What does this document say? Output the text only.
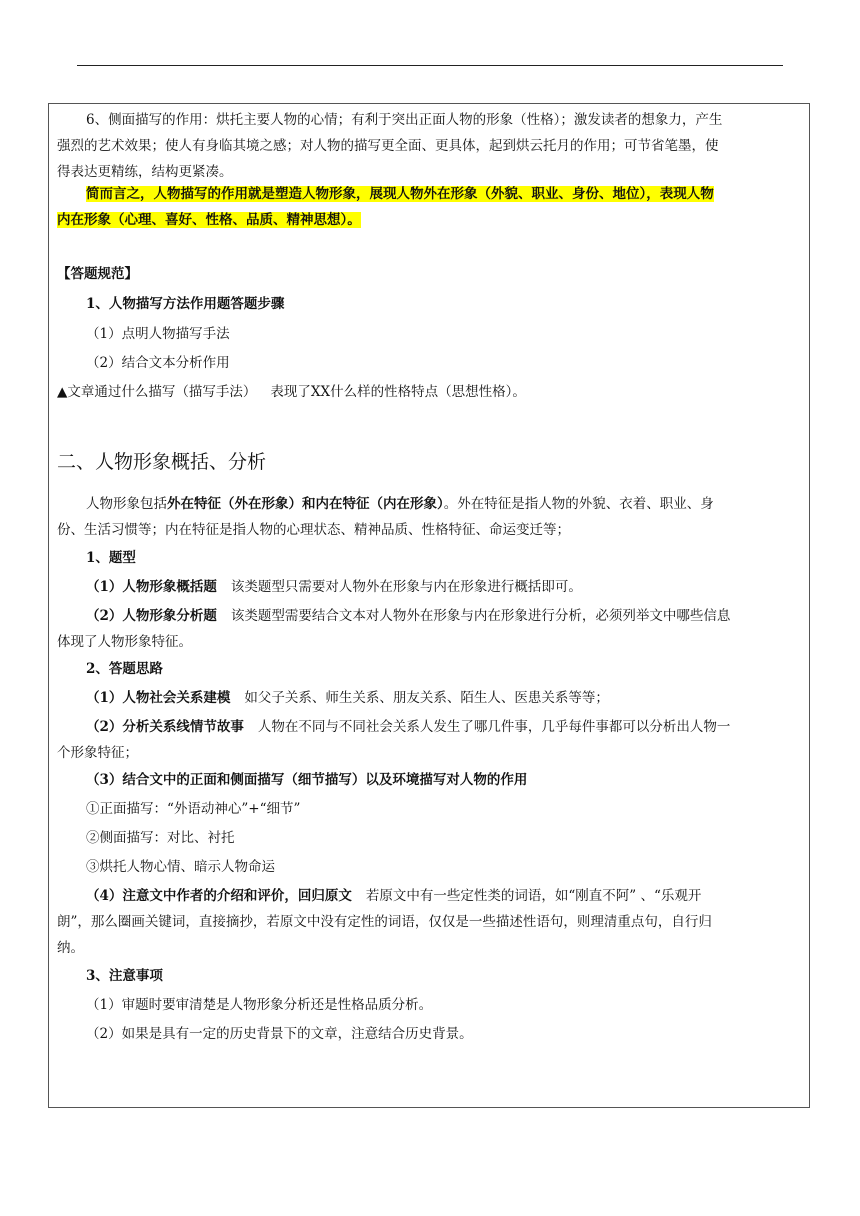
6、侧面描写的作用：烘托主要人物的心情；有利于突出正面人物的形象（性格）；激发读者的想象力，产生
强烈的艺术效果；使人有身临其境之感；对人物的描写更全面、更具体，起到烘云托月的作用；可节省笔墨，使
得表达更精练，结构更紧凑。
简而言之，人物描写的作用就是塑造人物形象，展现人物外在形象（外貌、职业、身份、地位），表现人物
内在形象（心理、喜好、性格、品质、精神思想）。
【答题规范】
1、人物描写方法作用题答题步骤
（1）点明人物描写手法
（2）结合文本分析作用
▲文章通过什么描写（描写手法） 表现了XX什么样的性格特点（思想性格）。
二、人物形象概括、分析
人物形象包括外在特征（外在形象）和内在特征（内在形象）。外在特征是指人物的外貌、衣着、职业、身
份、生活习惯等；内在特征是指人物的心理状态、精神品质、性格特征、命运变迁等；
1、题型
（1）人物形象概括题 该类题型只需要对人物外在形象与内在形象进行概括即可。
（2）人物形象分析题 该类题型需要结合文本对人物外在形象与内在形象进行分析，必须列举文中哪些信息
体现了人物形象特征。
2、答题思路
（1）人物社会关系建模 如父子关系、师生关系、朋友关系、陌生人、医患关系等等；
（2）分析关系线情节故事 人物在不同与不同社会关系人发生了哪几件事，几乎每件事都可以分析出人物一
个形象特征；
（3）结合文中的正面和侧面描写（细节描写）以及环境描写对人物的作用
①正面描写：“外语动神心”+“细节”
②侧面描写：对比、衬托
③烘托人物心情、暗示人物命运
（4）注意文中作者的介绍和评价，回归原文 若原文中有一些定性类的词语，如“刚直不阿” 、“乐观开
朗”，那么圈画关键词，直接摘抄，若原文中没有定性的词语，仅仅是一些描述性语句，则理清重点句，自行归
纳。
3、注意事项
（1）审题时要审清楚是人物形象分析还是性格品质分析。
（2）如果是具有一定的历史背景下的文章，注意结合历史背景。
